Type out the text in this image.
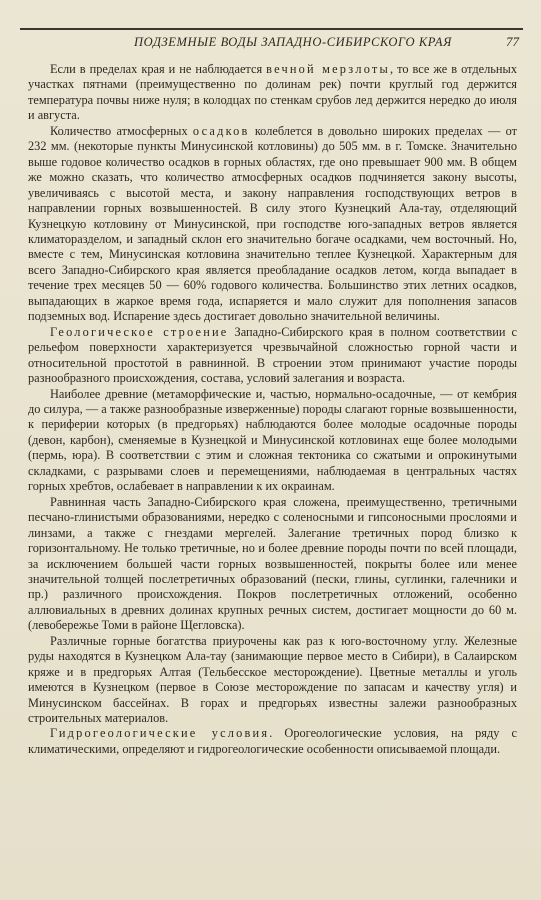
ПОДЗЕМНЫЕ ВОДЫ ЗАПАДНО-СИБИРСКОГО КРАЯ	77

Если в пределах края и не наблюдается вечной мерзлоты, то все же в отдельных участках пятнами (преимущественно по долинам рек) почти круглый год держится температура почвы ниже нуля; в колодцах по стенкам срубов лед держится нередко до июля и августа.

Количество атмосферных осадков колеблется в довольно широких пределах — от 232 мм. (некоторые пункты Минусинской котловины) до 505 мм. в г. Томске. Значительно выше годовое количество осадков в горных областях, где оно превышает 900 мм. В общем же можно сказать, что количество атмосферных осадков подчиняется закону высоты, увеличиваясь с высотой места, и закону направления господствующих ветров в направлении горных возвышенностей. В силу этого Кузнецкий Ала-тау, отделяющий Кузнецкую котловину от Минусинской, при господстве юго-западных ветров является климаторазделом, и западный склон его значительно богаче осадками, чем восточный. Но, вместе с тем, Минусинская котловина значительно теплее Кузнецкой. Характерным для всего Западно-Сибирского края является преобладание осадков летом, когда выпадает в течение трех месяцев 50 — 60% годового количества. Большинство этих летних осадков, выпадающих в жаркое время года, испаряется и мало служит для пополнения запасов подземных вод. Испарение здесь достигает довольно значительной величины.

Геологическое строение Западно-Сибирского края в полном соответствии с рельефом поверхности характеризуется чрезвычайной сложностью горной части и относительной простотой в равнинной. В строении этом принимают участие породы разнообразного происхождения, состава, условий залегания и возраста.

Наиболее древние (метаморфические и, частью, нормально-осадочные, — от кембрия до силура, — а также разнообразные изверженные) породы слагают горные возвышенности, к периферии которых (в предгорьях) наблюдаются более молодые осадочные породы (девон, карбон), сменяемые в Кузнецкой и Минусинской котловинах еще более молодыми (пермь, юра). В соответствии с этим и сложная тектоника со сжатыми и опрокинутыми складками, с разрывами слоев и перемещениями, наблюдаемая в центральных частях горных хребтов, ослабевает в направлении к их окраинам.

Равнинная часть Западно-Сибирского края сложена, преимущественно, третичными песчано-глинистыми образованиями, нередко с соленосными и гипсоносными прослоями и линзами, а также с гнездами мергелей. Залегание третичных пород близко к горизонтальному. Не только третичные, но и более древние породы почти по всей площади, за исключением большей части горных возвышенностей, покрыты более или менее значительной толщей послетретичных образований (пески, глины, суглинки, галечники и пр.) различного происхождения. Покров послетретичных отложений, особенно аллювиальных в древних долинах крупных речных систем, достигает мощности до 60 м. (левобережье Томи в районе Щегловска).

Различные горные богатства приурочены как раз к юго-восточному углу. Железные руды находятся в Кузнецком Ала-тау (занимающие первое место в Сибири), в Салаирском кряже и в предгорьях Алтая (Тельбесское месторождение). Цветные металлы и уголь имеются в Кузнецком (первое в Союзе месторождение по запасам и качеству угля) и Минусинском бассейнах. В горах и предгорьях известны залежи разнообразных строительных материалов.

Гидрогеологические условия. Орогеологические условия, на ряду с климатическими, определяют и гидрогеологические особенности описываемой площади.
